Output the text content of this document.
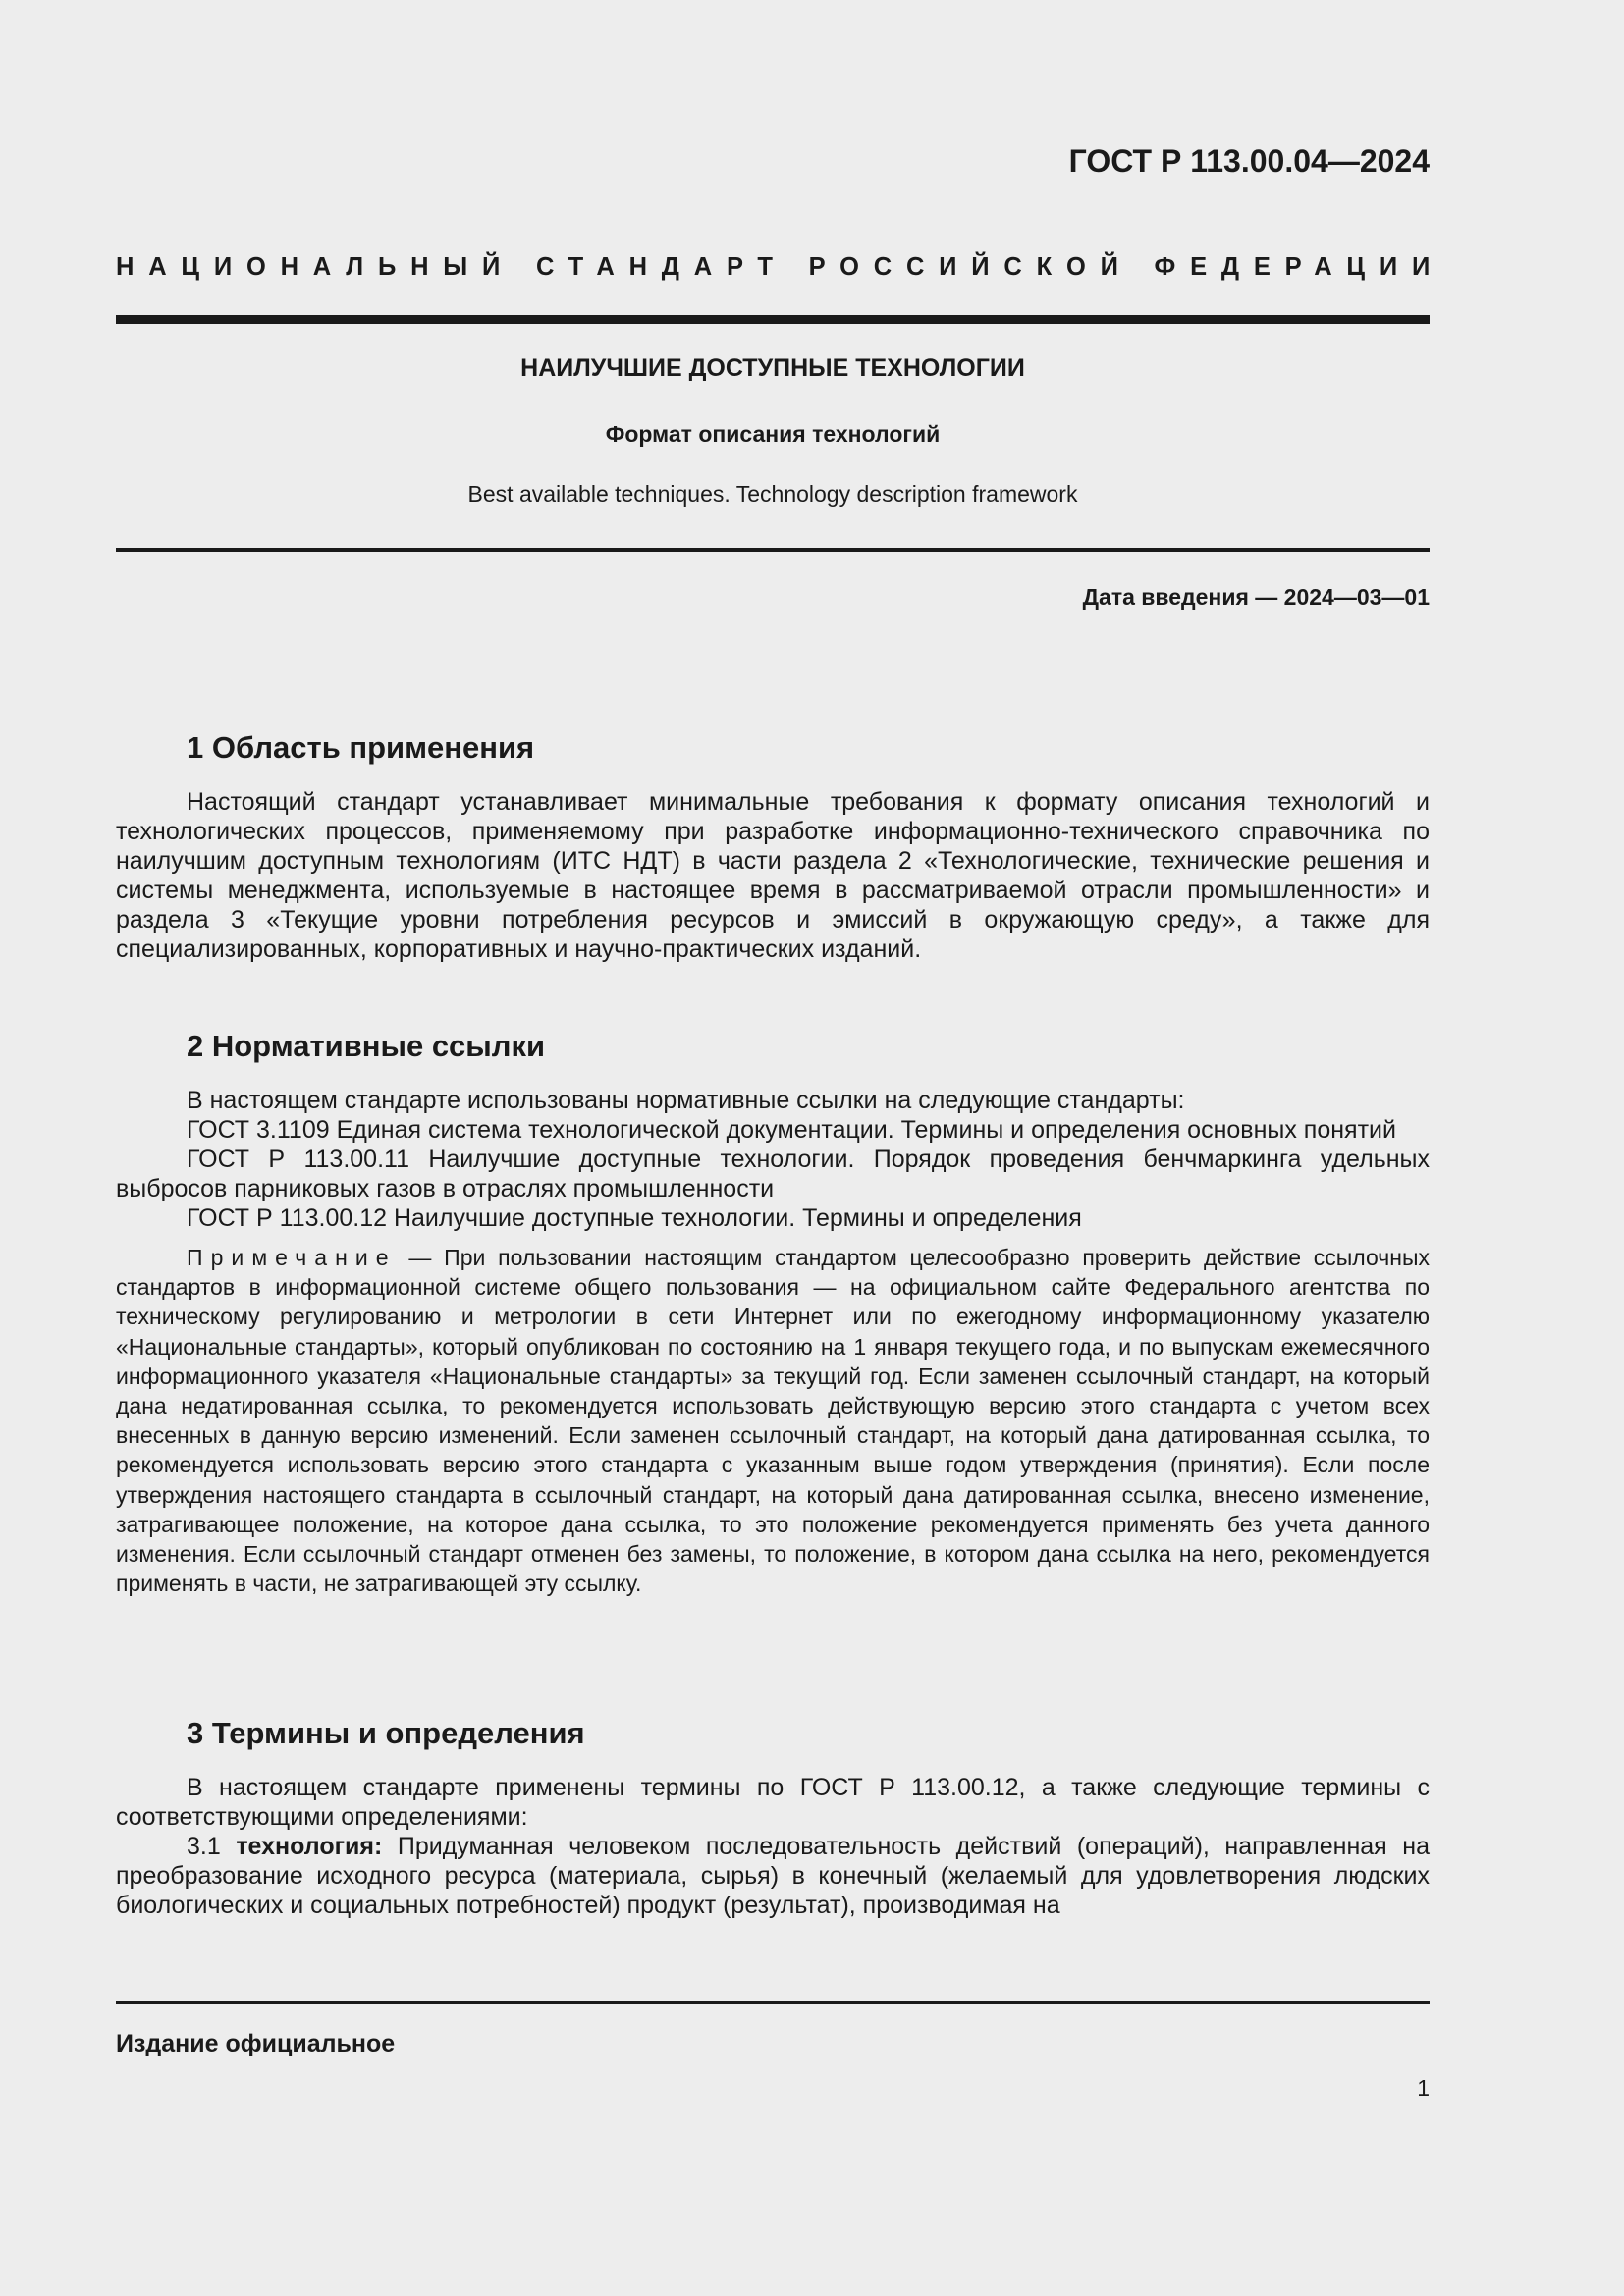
ГОСТ Р 113.00.04—2024
НАЦИОНАЛЬНЫЙ СТАНДАРТ РОССИЙСКОЙ ФЕДЕРАЦИИ
НАИЛУЧШИЕ ДОСТУПНЫЕ ТЕХНОЛОГИИ
Формат описания технологий
Best available techniques. Technology description framework
Дата введения — 2024—03—01
1 Область применения

Настоящий стандарт устанавливает минимальные требования к формату описания технологий и технологических процессов, применяемому при разработке информационно-технического справочника по наилучшим доступным технологиям (ИТС НДТ) в части раздела 2 «Технологические, технические решения и системы менеджмента, используемые в настоящее время в рассматриваемой отрасли промышленности» и раздела 3 «Текущие уровни потребления ресурсов и эмиссий в окружающую среду», а также для специализированных, корпоративных и научно-практических изданий.

2 Нормативные ссылки

В настоящем стандарте использованы нормативные ссылки на следующие стандарты:

ГОСТ 3.1109 Единая система технологической документации. Термины и определения основных понятий

ГОСТ Р 113.00.11 Наилучшие доступные технологии. Порядок проведения бенчмаркинга удельных выбросов парниковых газов в отраслях промышленности

ГОСТ Р 113.00.12 Наилучшие доступные технологии. Термины и определения

Примечание — При пользовании настоящим стандартом целесообразно проверить действие ссылочных стандартов в информационной системе общего пользования — на официальном сайте Федерального агентства по техническому регулированию и метрологии в сети Интернет или по ежегодному информационному указателю «Национальные стандарты», который опубликован по состоянию на 1 января текущего года, и по выпускам ежемесячного информационного указателя «Национальные стандарты» за текущий год. Если заменен ссылочный стандарт, на который дана недатированная ссылка, то рекомендуется использовать действующую версию этого стандарта с учетом всех внесенных в данную версию изменений. Если заменен ссылочный стандарт, на который дана датированная ссылка, то рекомендуется использовать версию этого стандарта с указанным выше годом утверждения (принятия). Если после утверждения настоящего стандарта в ссылочный стандарт, на который дана датированная ссылка, внесено изменение, затрагивающее положение, на которое дана ссылка, то это положение рекомендуется применять без учета данного изменения. Если ссылочный стандарт отменен без замены, то положение, в котором дана ссылка на него, рекомендуется применять в части, не затрагивающей эту ссылку.

3 Термины и определения

В настоящем стандарте применены термины по ГОСТ Р 113.00.12, а также следующие термины с соответствующими определениями:

3.1 технология: Придуманная человеком последовательность действий (операций), направленная на преобразование исходного ресурса (материала, сырья) в конечный (желаемый для удовлетворения людских биологических и социальных потребностей) продукт (результат), производимая на

Издание официальное
1
